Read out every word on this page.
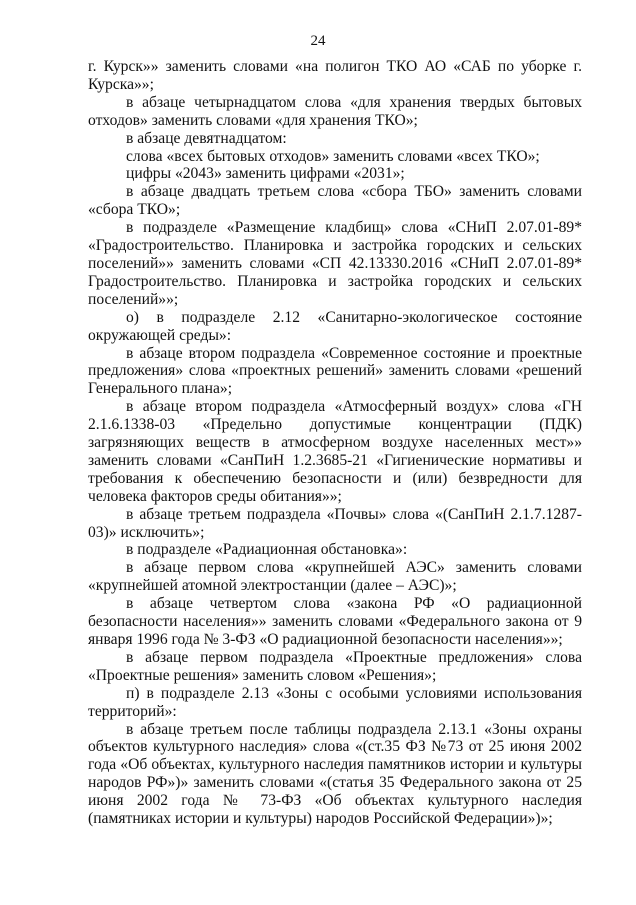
24

г. Курск»» заменить словами «на полигон ТКО АО «САБ по уборке г. Курска»»;

в абзаце четырнадцатом слова «для хранения твердых бытовых отходов» заменить словами «для хранения ТКО»;

в абзаце девятнадцатом:

слова «всех бытовых отходов» заменить словами «всех ТКО»;

цифры «2043» заменить цифрами «2031»;

в абзаце двадцать третьем слова «сбора ТБО» заменить словами «сбора ТКО»;

в подразделе «Размещение кладбищ» слова «СНиП 2.07.01-89* «Градостроительство. Планировка и застройка городских и сельских поселений»» заменить словами «СП 42.13330.2016 «СНиП 2.07.01-89* Градостроительство. Планировка и застройка городских и сельских поселений»»;

о) в подразделе 2.12 «Санитарно-экологическое состояние окружающей среды»:

в абзаце втором подраздела «Современное состояние и проектные предложения» слова «проектных решений» заменить словами «решений Генерального плана»;

в абзаце втором подраздела «Атмосферный воздух» слова «ГН 2.1.6.1338-03 «Предельно допустимые концентрации (ПДК) загрязняющих веществ в атмосферном воздухе населенных мест»» заменить словами «СанПиН 1.2.3685-21 «Гигиенические нормативы и требования к обеспечению безопасности и (или) безвредности для человека факторов среды обитания»»;

в абзаце третьем подраздела «Почвы» слова «(СанПиН 2.1.7.1287-03)» исключить»;

в подразделе «Радиационная обстановка»:

в абзаце первом слова «крупнейшей АЭС» заменить словами «крупнейшей атомной электростанции (далее – АЭС)»;

в абзаце четвертом слова «закона РФ «О радиационной безопасности населения»» заменить словами «Федерального закона от 9 января 1996 года № 3-ФЗ «О радиационной безопасности населения»»;

в абзаце первом подраздела «Проектные предложения» слова «Проектные решения» заменить словом «Решения»;

п) в подразделе 2.13 «Зоны с особыми условиями использования территорий»:

в абзаце третьем после таблицы подраздела 2.13.1 «Зоны охраны объектов культурного наследия» слова «(ст.35 ФЗ №73 от 25 июня 2002 года «Об объектах, культурного наследия памятников истории и культуры народов РФ»)» заменить словами «(статья 35 Федерального закона от 25 июня 2002 года № 73-ФЗ «Об объектах культурного наследия (памятниках истории и культуры) народов Российской Федерации»)»;
